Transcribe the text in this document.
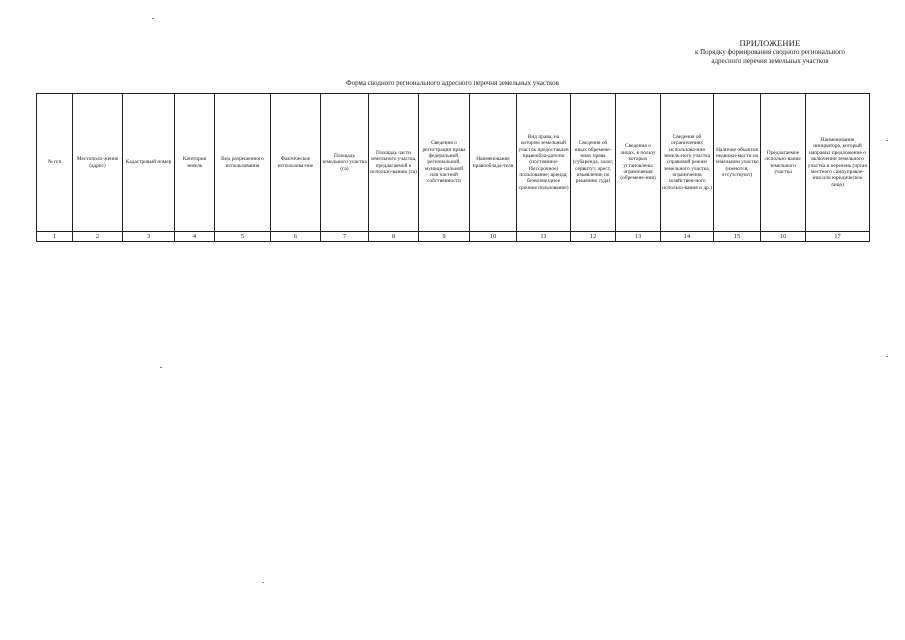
ПРИЛОЖЕНИЕ
к Порядку формирования сводного регионального
адресного перечня земельных участков
Форма сводного регионального адресного перечня земельных участков
№ п/п	Местополо-жение (адрес)	Кадастровый номер	Категория земель	Вид разрешенного использования	Фактическое использова-ние	Площадь земельного участка (га)	Площадь части земельного участка, предлагаемой к использо-ванию (га)	Сведения о регистрации права федеральной, региональной, муници-пальной или частной собственности	Наименование правооблада-теля	Вид права, на котором земельный участок предоставлен правообла-дателю (постоянное (бессрочное) пользование; аренда; безвозмездное срочное пользование)	Сведения об иных обремене-ниях права (субаренда, залог, сервитут, арест, изъявление по решению суда)	Сведения о лицах, в пользу которых установлены ограничения (обремене-ния)	Сведения об ограничениях использова-ния земель-ного участка (правовой режим земельного участка, ограничения хозяйствен-ного использо-вания и др.)	Наличие объектов недвижи-мости на земельном участке (имеются, отсутствуют)	Предлагаемое использо-вание земельного участка	Наименование инициатора, который направил предложение о включении земельного участка в перечень (орган местного самоуправле-ния или юридическое лицо)
1	2	3	4	5	6	7	8	9	10	11	12	13	14	15	16	17
